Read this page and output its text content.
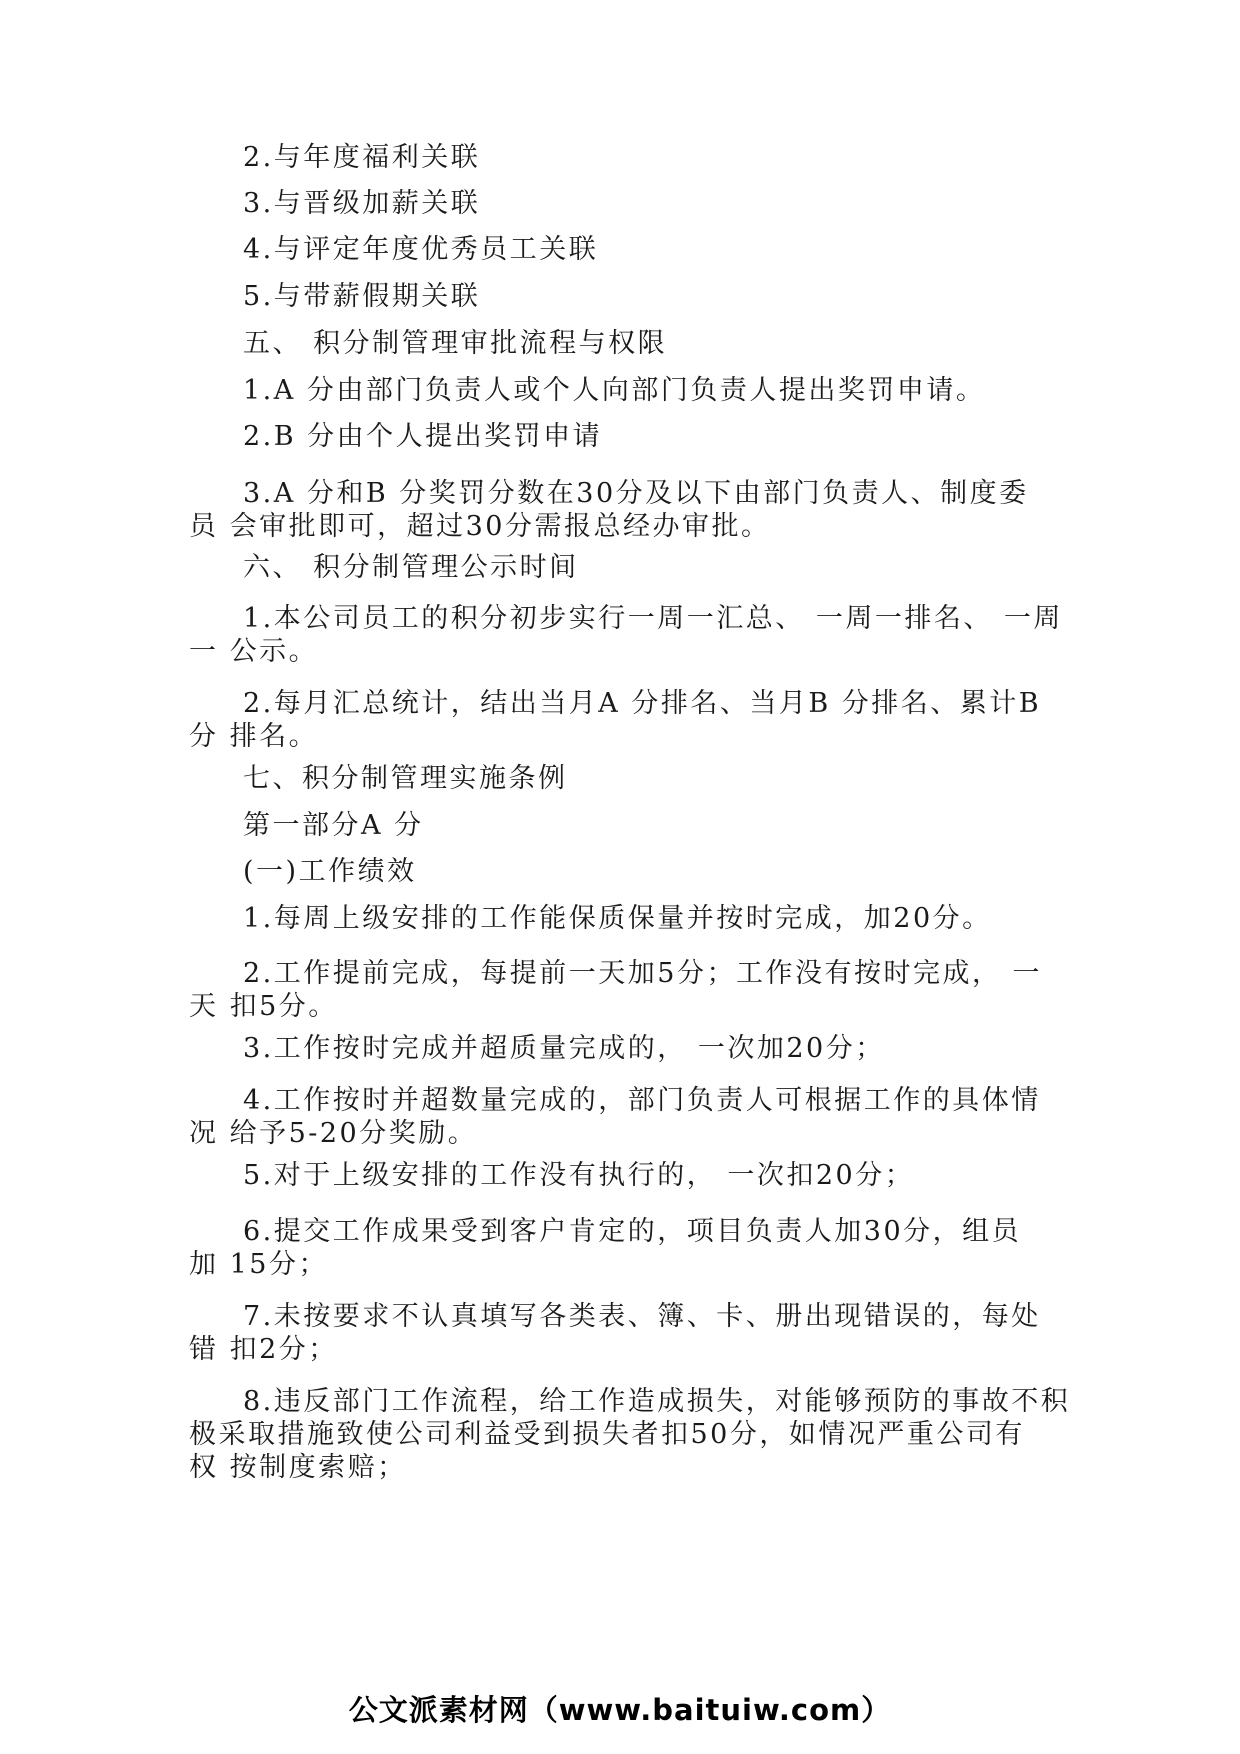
2.与年度福利关联
3.与晋级加薪关联
4.与评定年度优秀员工关联
5.与带薪假期关联
五、 积分制管理审批流程与权限
1.A 分由部门负责人或个人向部门负责人提出奖罚申请。
2.B 分由个人提出奖罚申请
3.A 分和B 分奖罚分数在30分及以下由部门负责人、制度委
员 会审批即可，超过30分需报总经办审批。
六、 积分制管理公示时间
1.本公司员工的积分初步实行一周一汇总、 一周一排名、 一周
一 公示。
2.每月汇总统计，结出当月A 分排名、当月B 分排名、累计B
分 排名。
七、积分制管理实施条例
第一部分A 分
(一)工作绩效
1.每周上级安排的工作能保质保量并按时完成，加20分。
2.工作提前完成，每提前一天加5分；工作没有按时完成， 一
天 扣5分。
3.工作按时完成并超质量完成的， 一次加20分；
4.工作按时并超数量完成的，部门负责人可根据工作的具体情
况 给予5-20分奖励。
5.对于上级安排的工作没有执行的， 一次扣20分；
6.提交工作成果受到客户肯定的，项目负责人加30分，组员
加 15分；
7.未按要求不认真填写各类表、簿、卡、册出现错误的，每处
错 扣2分；
8.违反部门工作流程，给工作造成损失，对能够预防的事故不积
极采取措施致使公司利益受到损失者扣50分，如情况严重公司有
权 按制度索赔；
公文派素材网（www.baituiw.com）
